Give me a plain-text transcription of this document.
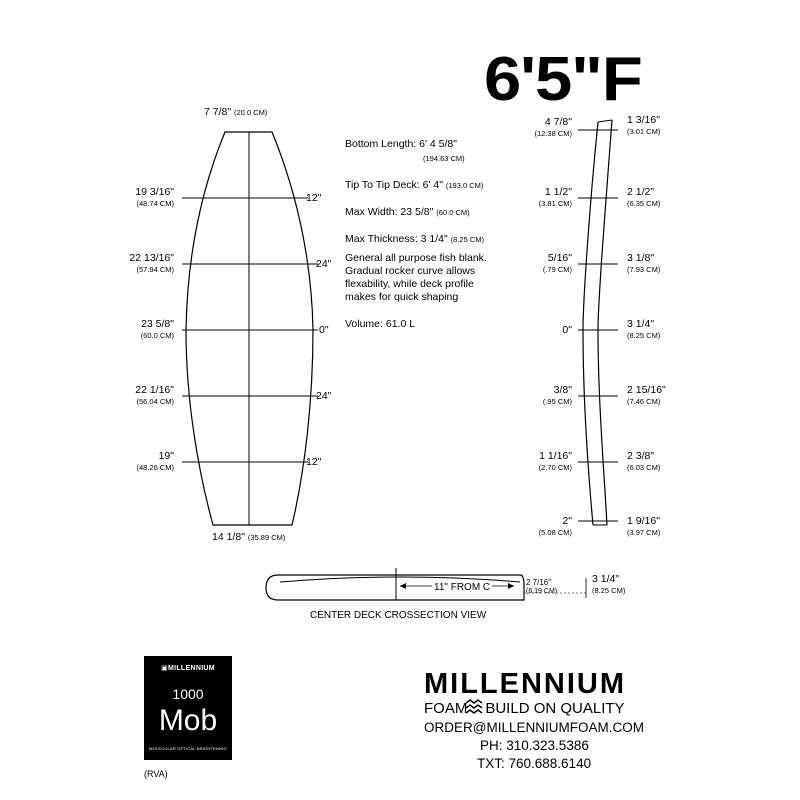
6'5"F
7 7/8" (20.0 CM)
14 1/8" (35.89 CM)
19 3/16"
(48.74 CM)
22 13/16"
(57.94 CM)
23 5/8"
(60.0 CM)
22 1/16"
(56.04 CM)
19"
(48.26 CM)
12"
24"
0"
24"
12"
Bottom Length: 6' 4 5/8"
(194.63 CM)
Tip To Tip Deck: 6' 4" (193.0 CM)
Max Width: 23 5/8" (60.0 CM)
Max Thickness: 3 1/4" (8.25 CM)
General all purpose fish blank.
Gradual rocker curve allows
flexability, while deck profile
makes for quick shaping
Volume: 61.0 L
4 7/8"
(12.38 CM)
1 1/2"
(3.81 CM)
5/16"
(.79 CM)
0"
3/8"
(.95 CM)
1 1/16"
(2.70 CM)
2"
(5.08 CM)
1 3/16"
(3.01 CM)
2 1/2"
(6.35 CM)
3 1/8"
(7.93 CM)
3 1/4"
(8.25 CM)
2 15/16"
(7.46 CM)
2 3/8"
(6.03 CM)
1 9/16"
(3.97 CM)
11" FROM C	2 7/16"
(6.19 CM)
3 1/4"
(8.25 CM)
CENTER DECK CROSSECTION VIEW
▣MILLENNIUM
1000
Mob
MOLECULAR OPTICAL BRIGHTENING
(RVA)
MILLENNIUM
FOAM BUILD ON QUALITY
ORDER@MILLENNIUMFOAM.COM
PH: 310.323.5386
TXT: 760.688.6140
